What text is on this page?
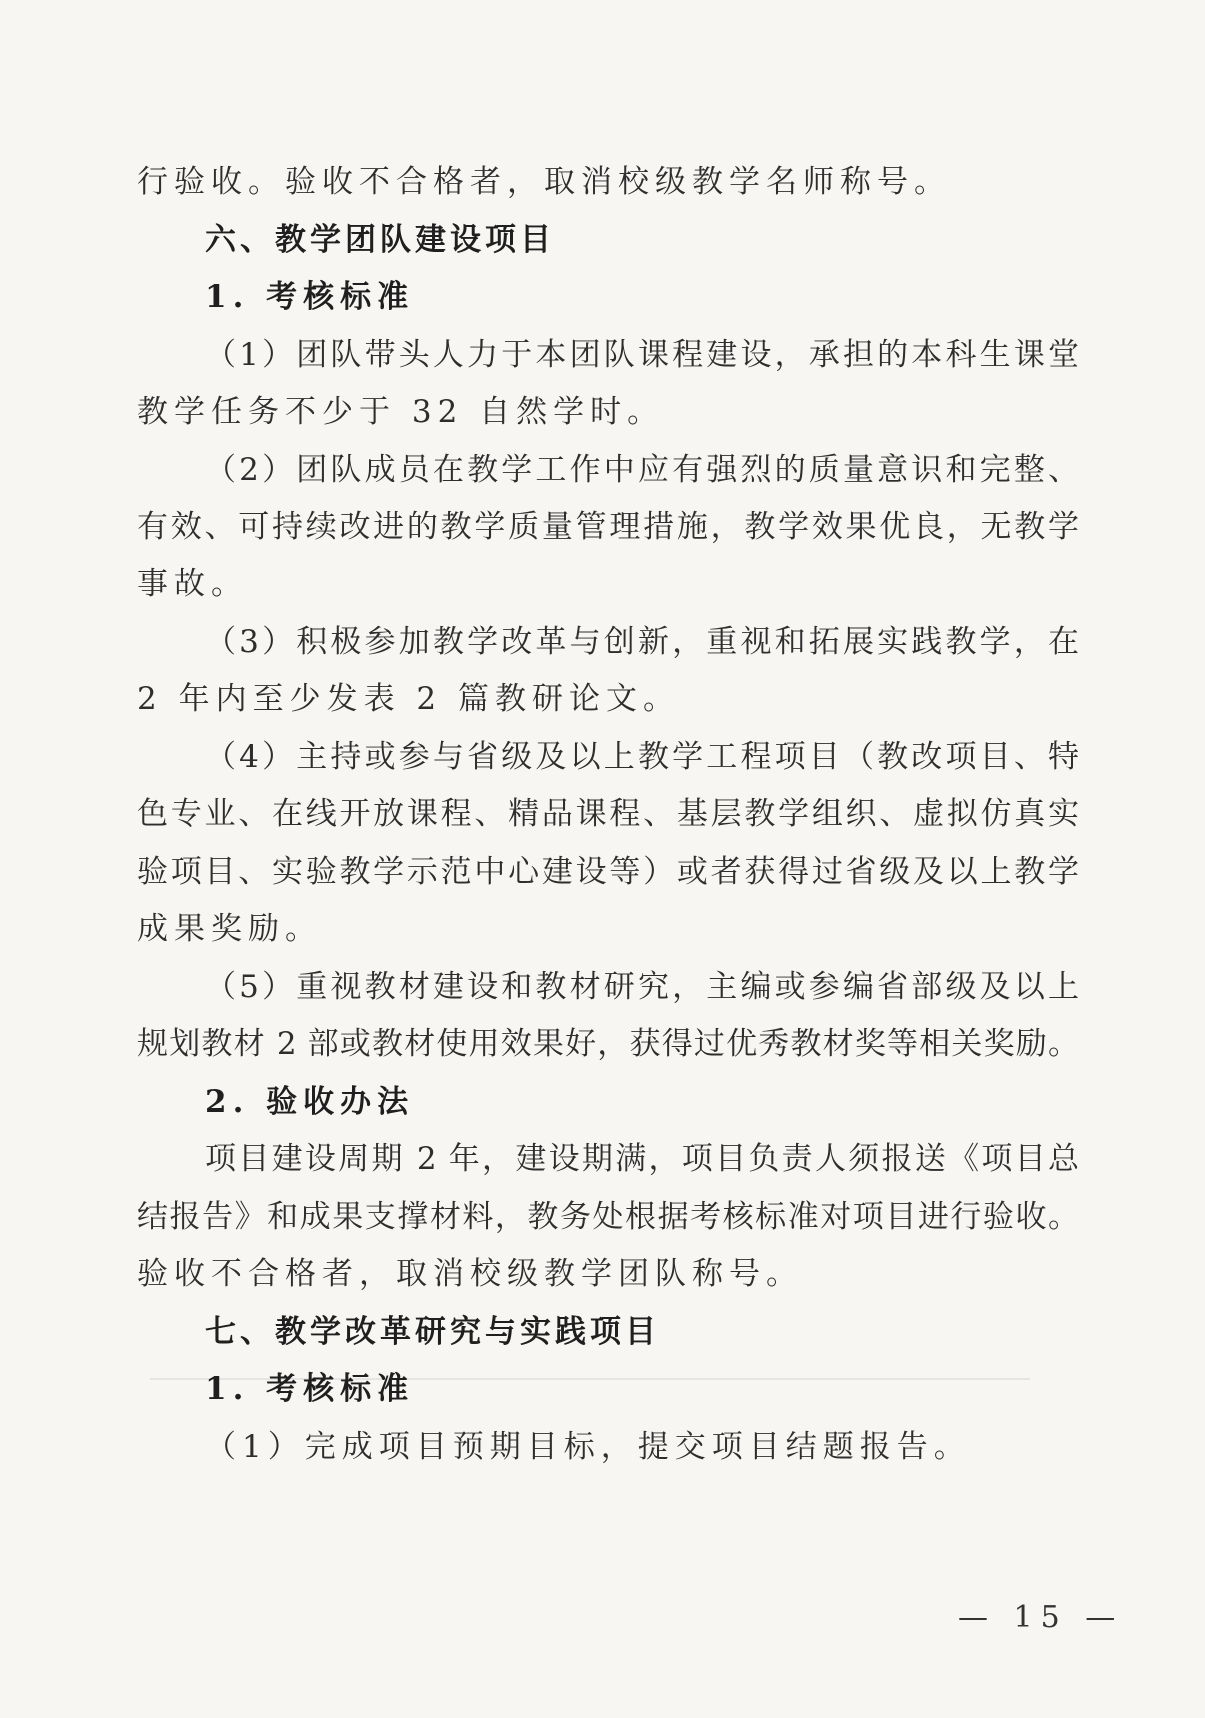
行验收。验收不合格者，取消校级教学名师称号。
六、教学团队建设项目
1. 考核标准
（1）团队带头人力于本团队课程建设，承担的本科生课堂
教学任务不少于 32 自然学时。
（2）团队成员在教学工作中应有强烈的质量意识和完整、
有效、可持续改进的教学质量管理措施，教学效果优良，无教学
事故。
（3）积极参加教学改革与创新，重视和拓展实践教学，在
2 年内至少发表 2 篇教研论文。
（4）主持或参与省级及以上教学工程项目（教改项目、特
色专业、在线开放课程、精品课程、基层教学组织、虚拟仿真实
验项目、实验教学示范中心建设等）或者获得过省级及以上教学
成果奖励。
（5）重视教材建设和教材研究，主编或参编省部级及以上
规划教材 2 部或教材使用效果好，获得过优秀教材奖等相关奖励。
2. 验收办法
项目建设周期 2 年，建设期满，项目负责人须报送《项目总
结报告》和成果支撑材料，教务处根据考核标准对项目进行验收。
验收不合格者，取消校级教学团队称号。
七、教学改革研究与实践项目
1. 考核标准
（1）完成项目预期目标，提交项目结题报告。
— 15 —
